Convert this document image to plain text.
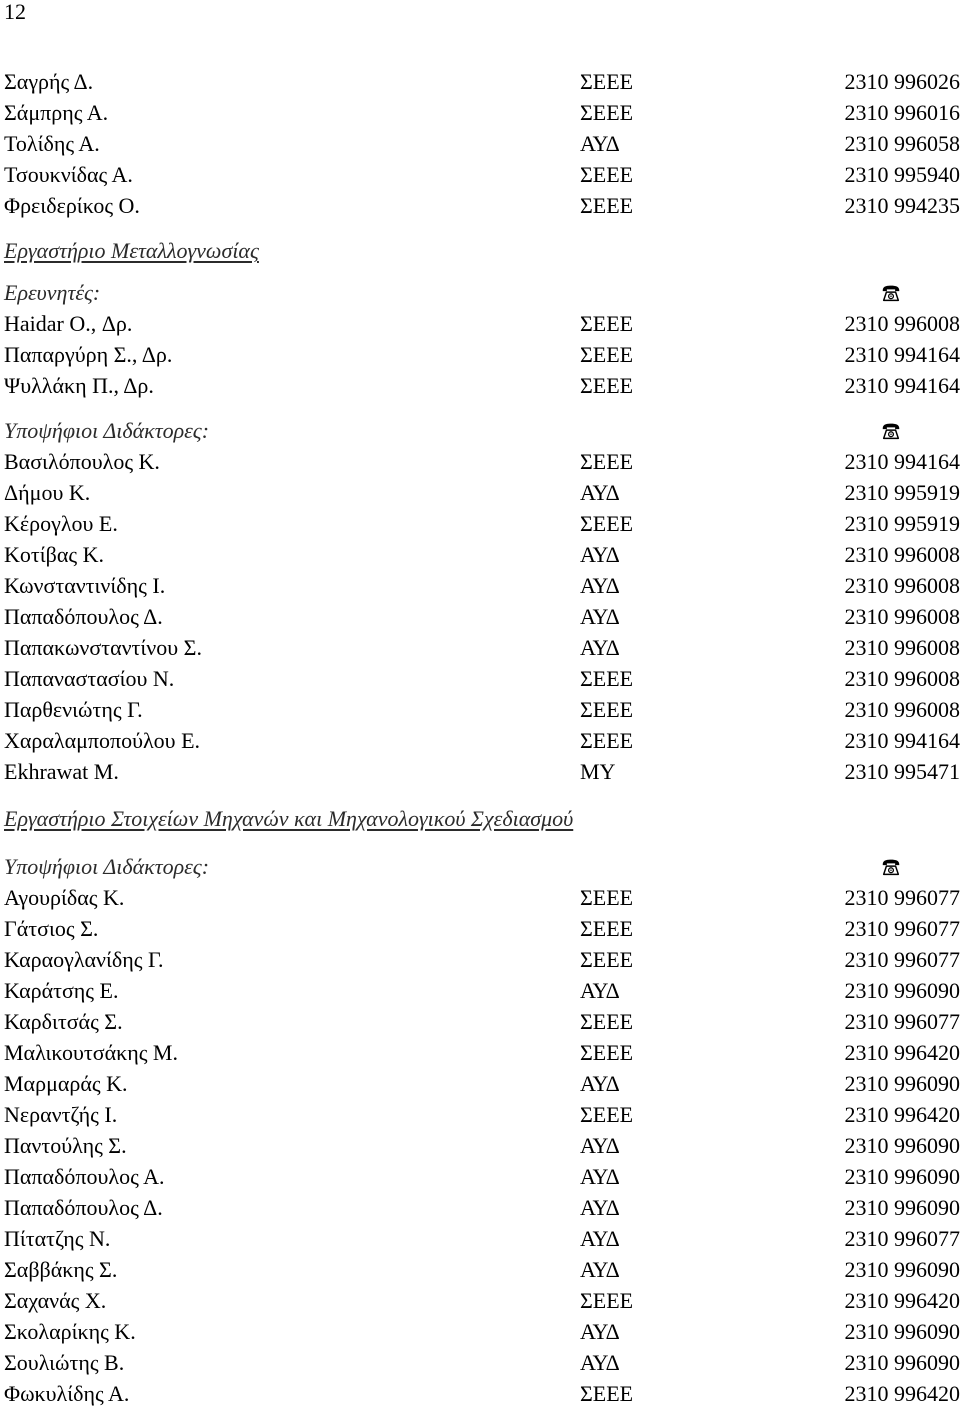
12
Σαγρής Δ.	ΣΕΕΕ	2310 996026
Σάμπρης Α.	ΣΕΕΕ	2310 996016
Τολίδης Α.	ΑΥΔ	2310 996058
Τσουκνίδας Α.	ΣΕΕΕ	2310 995940
Φρειδερίκος Ο.	ΣΕΕΕ	2310 994235
Εργαστήριο Μεταλλογνωσίας
Ερευνητές:
Haidar O., Δρ.	ΣΕΕΕ	2310 996008
Παπαργύρη Σ., Δρ.	ΣΕΕΕ	2310 994164
Ψυλλάκη Π., Δρ.	ΣΕΕΕ	2310 994164
Υποψήφιοι Διδάκτορες:
Βασιλόπουλος Κ.	ΣΕΕΕ	2310 994164
Δήμου Κ.	ΑΥΔ	2310 995919
Κέρογλου Ε.	ΣΕΕΕ	2310 995919
Κοτίβας Κ.	ΑΥΔ	2310 996008
Κωνσταντινίδης Ι.	ΑΥΔ	2310 996008
Παπαδόπουλος Δ.	ΑΥΔ	2310 996008
Παπακωνσταντίνου Σ.	ΑΥΔ	2310 996008
Παπαναστασίου Ν.	ΣΕΕΕ	2310 996008
Παρθενιώτης Γ.	ΣΕΕΕ	2310 996008
Χαραλαμποπούλου Ε.	ΣΕΕΕ	2310 994164
Ekhrawat M.	ΜΥ	2310 995471
Εργαστήριο Στοιχείων Μηχανών και Μηχανολογικού Σχεδιασμού
Υποψήφιοι Διδάκτορες:
Αγουρίδας Κ.	ΣΕΕΕ	2310 996077
Γάτσιος Σ.	ΣΕΕΕ	2310 996077
Καραογλανίδης Γ.	ΣΕΕΕ	2310 996077
Καράτσης Ε.	ΑΥΔ	2310 996090
Καρδιτσάς Σ.	ΣΕΕΕ	2310 996077
Μαλικουτσάκης Μ.	ΣΕΕΕ	2310 996420
Μαρμαράς Κ.	ΑΥΔ	2310 996090
Νεραντζής Ι.	ΣΕΕΕ	2310 996420
Παντούλης Σ.	ΑΥΔ	2310 996090
Παπαδόπουλος Α.	ΑΥΔ	2310 996090
Παπαδόπουλος Δ.	ΑΥΔ	2310 996090
Πίτατζης Ν.	ΑΥΔ	2310 996077
Σαββάκης Σ.	ΑΥΔ	2310 996090
Σαχανάς Χ.	ΣΕΕΕ	2310 996420
Σκολαρίκης Κ.	ΑΥΔ	2310 996090
Σουλιώτης Β.	ΑΥΔ	2310 996090
Φωκυλίδης Α.	ΣΕΕΕ	2310 996420
